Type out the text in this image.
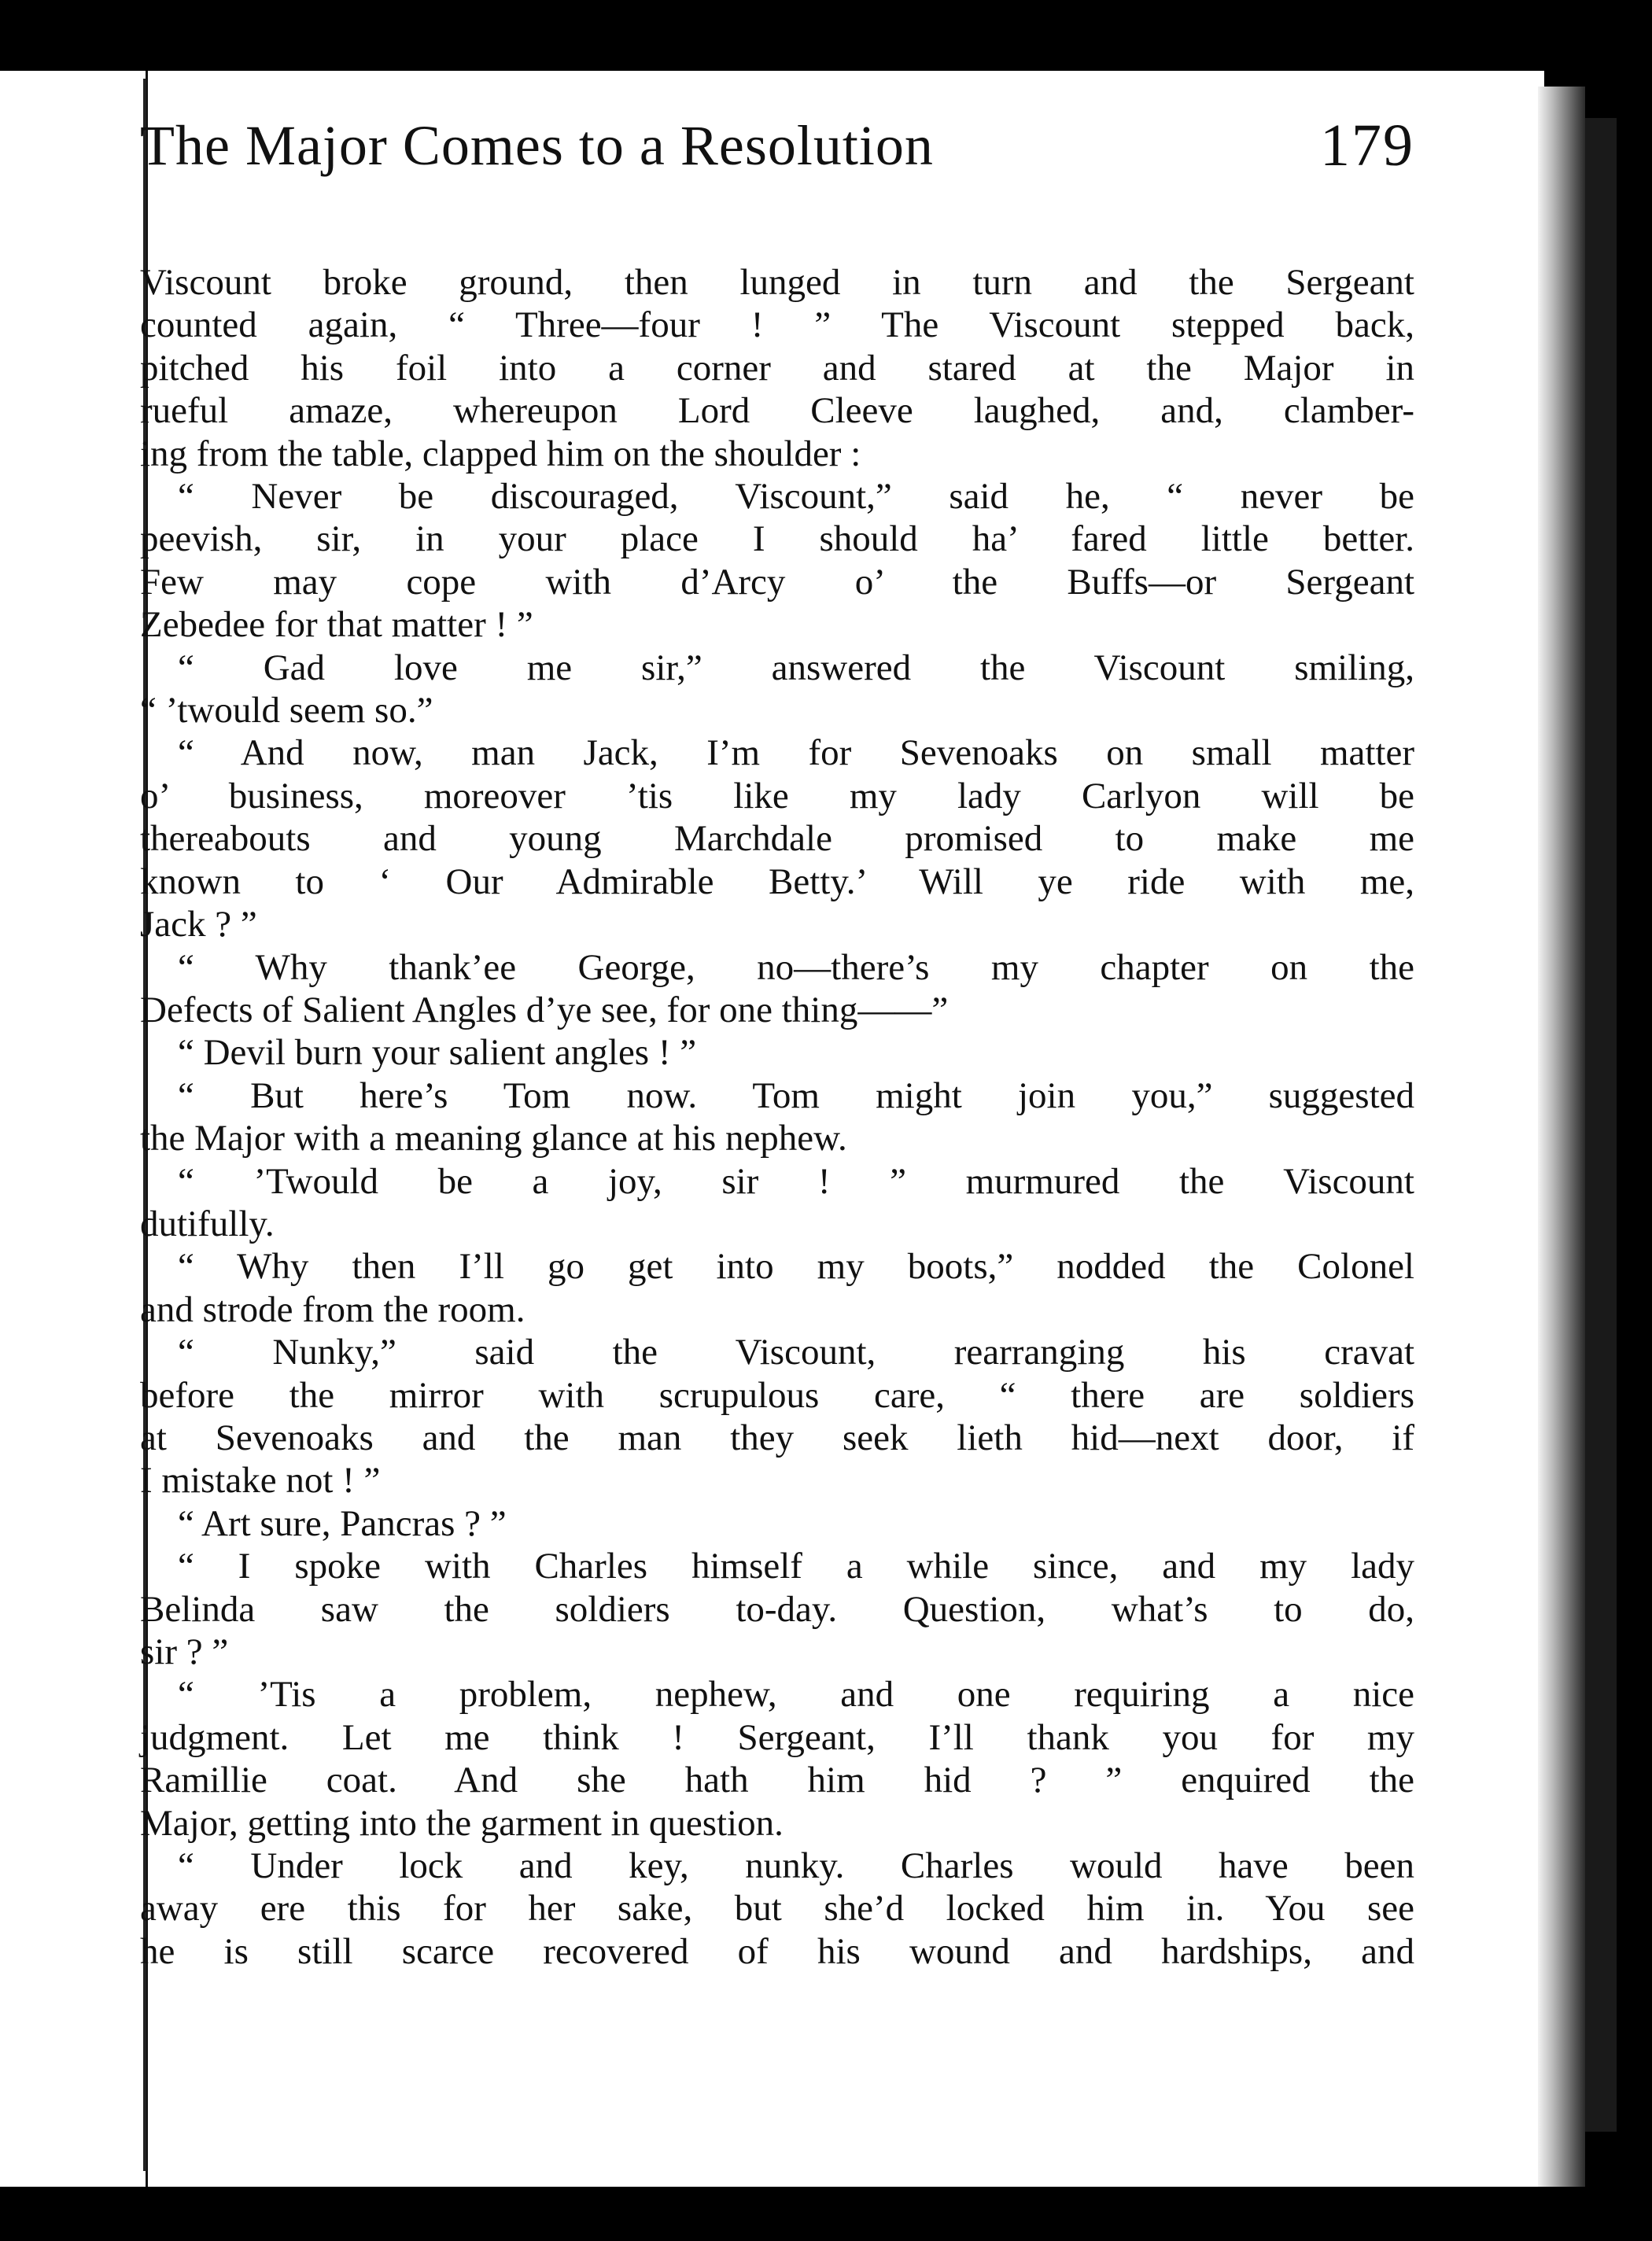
The Major Comes to a Resolution	179

Viscount broke ground, then lunged in turn and the Sergeant

counted again, “ Three—four ! ” The Viscount stepped back,

pitched his foil into a corner and stared at the Major in

rueful amaze, whereupon Lord Cleeve laughed, and, clamber-

ing from the table, clapped him on the shoulder :

“ Never be discouraged, Viscount,” said he, “ never be

peevish, sir, in your place I should ha’ fared little better.

Few may cope with d’Arcy o’ the Buffs—or Sergeant

Zebedee for that matter ! ”

“ Gad love me sir,” answered the Viscount smiling,

“ ’twould seem so.”

“ And now, man Jack, I’m for Sevenoaks on small matter

o’ business, moreover ’tis like my lady Carlyon will be

thereabouts and young Marchdale promised to make me

known to ‘ Our Admirable Betty.’ Will ye ride with me,

Jack ? ”

“ Why thank’ee George, no—there’s my chapter on the

Defects of Salient Angles d’ye see, for one thing——”

“ Devil burn your salient angles ! ”

“ But here’s Tom now. Tom might join you,” suggested

the Major with a meaning glance at his nephew.

“ ’Twould be a joy, sir ! ” murmured the Viscount

dutifully.

“ Why then I’ll go get into my boots,” nodded the Colonel

and strode from the room.

“ Nunky,” said the Viscount, rearranging his cravat

before the mirror with scrupulous care, “ there are soldiers

at Sevenoaks and the man they seek lieth hid—next door, if

I mistake not ! ”

“ Art sure, Pancras ? ”

“ I spoke with Charles himself a while since, and my lady

Belinda saw the soldiers to-day. Question, what’s to do,

sir ? ”

“ ’Tis a problem, nephew, and one requiring a nice

judgment. Let me think ! Sergeant, I’ll thank you for my

Ramillie coat. And she hath him hid ? ” enquired the

Major, getting into the garment in question.

“ Under lock and key, nunky. Charles would have been

away ere this for her sake, but she’d locked him in. You see

he is still scarce recovered of his wound and hardships, and
